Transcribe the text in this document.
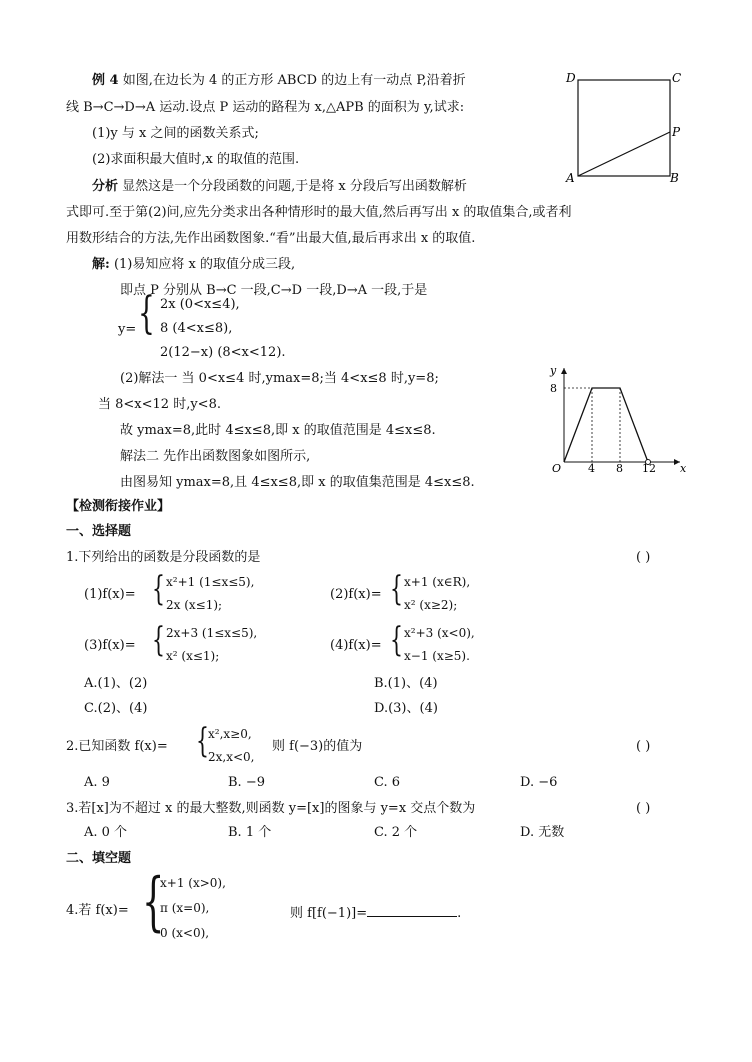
例 4 如图,在边长为 4 的正方形 ABCD 的边上有一动点 P,沿着折
线 B→C→D→A 运动.设点 P 运动的路程为 x,△APB 的面积为 y,试求:
(1)y 与 x 之间的函数关系式;
(2)求面积最大值时,x 的取值的范围.
分析 显然这是一个分段函数的问题,于是将 x 分段后写出函数解析
式即可.至于第(2)问,应先分类求出各种情形时的最大值,然后再写出 x 的取值集合,或者利
用数形结合的方法,先作出函数图象.“看”出最大值,最后再求出 x 的取值.
解: (1)易知应将 x 的取值分成三段,
即点 P 分别从 B→C 一段,C→D 一段,D→A 一段,于是
y= { 2x (0<x≤4),
8 (4<x≤8),
2(12−x) (8<x<12).
(2)解法一 当 0<x≤4 时,ymax=8;当 4<x≤8 时,y=8;
当 8<x<12 时,y<8.
故 ymax=8,此时 4≤x≤8,即 x 的取值范围是 4≤x≤8.
解法二 先作出函数图象如图所示,
由图易知 ymax=8,且 4≤x≤8,即 x 的取值集范围是 4≤x≤8.
D	C
P
A	B
y
x
8
O 4 8 12
【检测衔接作业】
一、选择题
1.下列给出的函数是分段函数的是	( )
(1)f(x)= { x²+1 (1≤x≤5),
2x (x≤1);
(2)f(x)= { x+1 (x∈R),
x² (x≥2);
(3)f(x)= { 2x+3 (1≤x≤5),
x² (x≤1);
(4)f(x)= { x²+3 (x<0),
x−1 (x≥5).
A.(1)、(2)	B.(1)、(4)
C.(2)、(4)	D.(3)、(4)
2.已知函数 f(x)= { x²,x≥0,
2x,x<0,
则 f(−3)的值为	( )
A. 9	B. −9	C. 6	D. −6
3.若[x]为不超过 x 的最大整数,则函数 y=[x]的图象与 y=x 交点个数为	( )
A. 0 个	B. 1 个	C. 2 个	D. 无数
二、填空题
4.若 f(x)= {
x+1 (x>0),
π (x=0),
0 (x<0),
则 f[f(−1)]=	.
